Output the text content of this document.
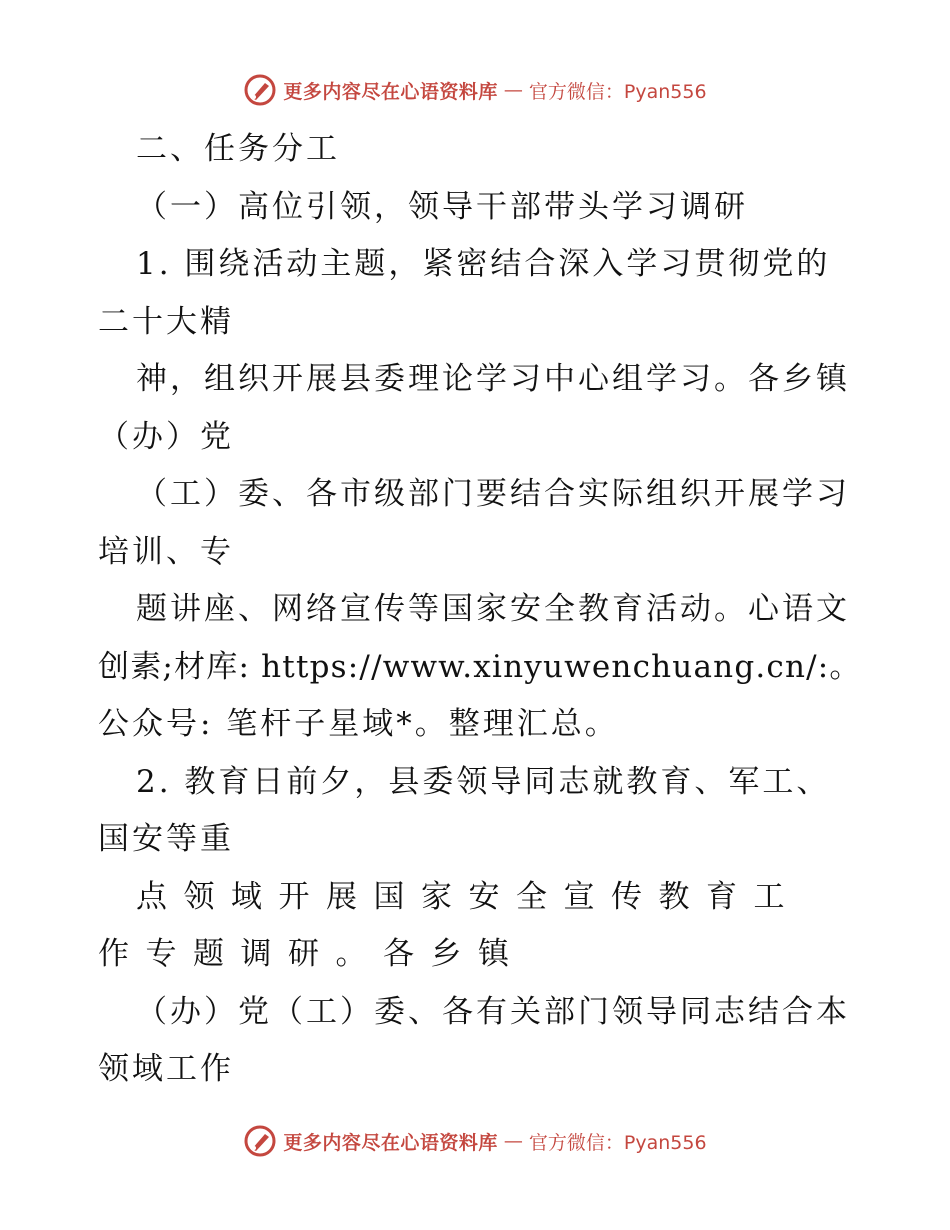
更多内容尽在心语资料库 — 官方微信：Pyan556
二、任务分工
（一）高位引领，领导干部带头学习调研
1. 围绕活动主题，紧密结合深入学习贯彻党的
二十大精
神，组织开展县委理论学习中心组学习。各乡镇
（办）党
（工）委、各市级部门要结合实际组织开展学习
培训、专
题讲座、网络宣传等国家安全教育活动。心语文
创素;材库: https://www.xinyuwenchuang.cn/:。
公众号: 笔杆子星域*。整理汇总。
2. 教育日前夕，县委领导同志就教育、军工、
国安等重
点领域开展国家安全宣传教育工
作专题调研。各乡镇
（办）党（工）委、各有关部门领导同志结合本
领域工作
更多内容尽在心语资料库 — 官方微信：Pyan556
